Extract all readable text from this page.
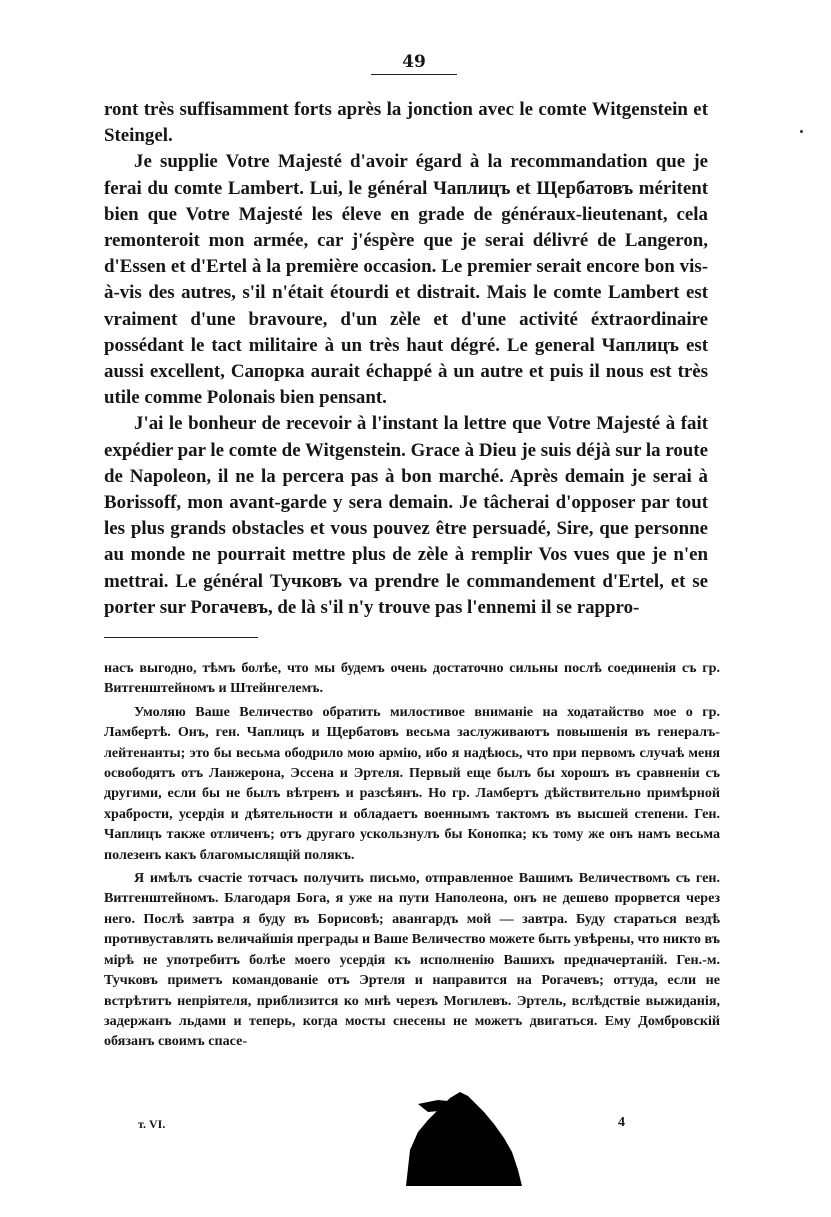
49

ront très suffisamment forts après la jonction avec le comte Witgenstein et Steingel.

Je supplie Votre Majesté d'avoir égard à la recommandation que je ferai du comte Lambert. Lui, le général Чаплицъ et Щербатовъ méritent bien que Votre Majesté les éleve en grade de généraux-lieutenant, cela remonteroit mon armée, car j'éspère que je serai délivré de Langeron, d'Essen et d'Ertel à la première occasion. Le premier serait encore bon vis-à-vis des autres, s'il n'était étourdi et distrait. Mais le comte Lambert est vraiment d'une bravoure, d'un zèle et d'une activité éxtraordinaire possédant le tact militaire à un très haut dégré. Le general Чаплицъ est aussi excellent, Сапорка aurait échappé à un autre et puis il nous est très utile comme Polonais bien pensant.

J'ai le bonheur de recevoir à l'instant la lettre que Votre Majesté à fait expédier par le comte de Witgenstein. Grace à Dieu je suis déjà sur la route de Napoleon, il ne la percera pas à bon marché. Après demain je serai à Borissoff, mon avant-garde y sera demain. Je tâcherai d'opposer par tout les plus grands obstacles et vous pouvez être persuadé, Sire, que personne au monde ne pourrait mettre plus de zèle à remplir Vos vues que je n'en mettrai. Le général Тучковъ va prendre le commandement d'Ertel, et se porter sur Рогачевъ, de là s'il n'y trouve pas l'ennemi il se rappro-

насъ выгодно, тѣмъ болѣе, что мы будемъ очень достаточно сильны послѣ соединенія съ гр. Витгенштейномъ и Штейнгелемъ.

Умоляю Ваше Величество обратить милостивое вниманіе на ходатайство мое о гр. Ламбертѣ. Онъ, ген. Чаплицъ и Щербатовъ весьма заслуживаютъ повышенія въ генералъ-лейтенанты; это бы весьма ободрило мою армію, ибо я надѣюсь, что при первомъ случаѣ меня освободятъ отъ Ланжерона, Эссена и Эртеля. Первый еще былъ бы хорошъ въ сравненіи съ другими, если бы не былъ вѣтренъ и разсѣянъ. Но гр. Ламбертъ дѣйствительно примѣрной храбрости, усердія и дѣятельности и обладаетъ военнымъ тактомъ въ высшей степени. Ген. Чаплицъ также отличенъ; отъ другаго ускользнулъ бы Конопка; къ тому же онъ намъ весьма полезенъ какъ благомыслящій полякъ.

Я имѣлъ счастіе тотчасъ получить письмо, отправленное Вашимъ Величествомъ съ ген. Витгенштейномъ. Благодаря Бога, я уже на пути Наполеона, онъ не дешево прорвется через него. Послѣ завтра я буду въ Борисовѣ; авангардъ мой — завтра. Буду стараться вездѣ противуставлять величайшія преграды и Ваше Величество можете быть увѣрены, что никто въ мірѣ не употребитъ болѣе моего усердія къ исполненію Вашихъ предначертаній. Ген.-м. Тучковъ приметъ командованіе отъ Эртеля и направится на Рогачевъ; оттуда, если не встрѣтитъ непріятеля, приблизится ко мнѣ черезъ Могилевъ. Эртель, вслѣдствіе выжиданія, задержанъ льдами и теперь, когда мосты снесены не можетъ двигаться. Ему Домбровскій обязанъ своимъ спасе-

т. VI.	4
